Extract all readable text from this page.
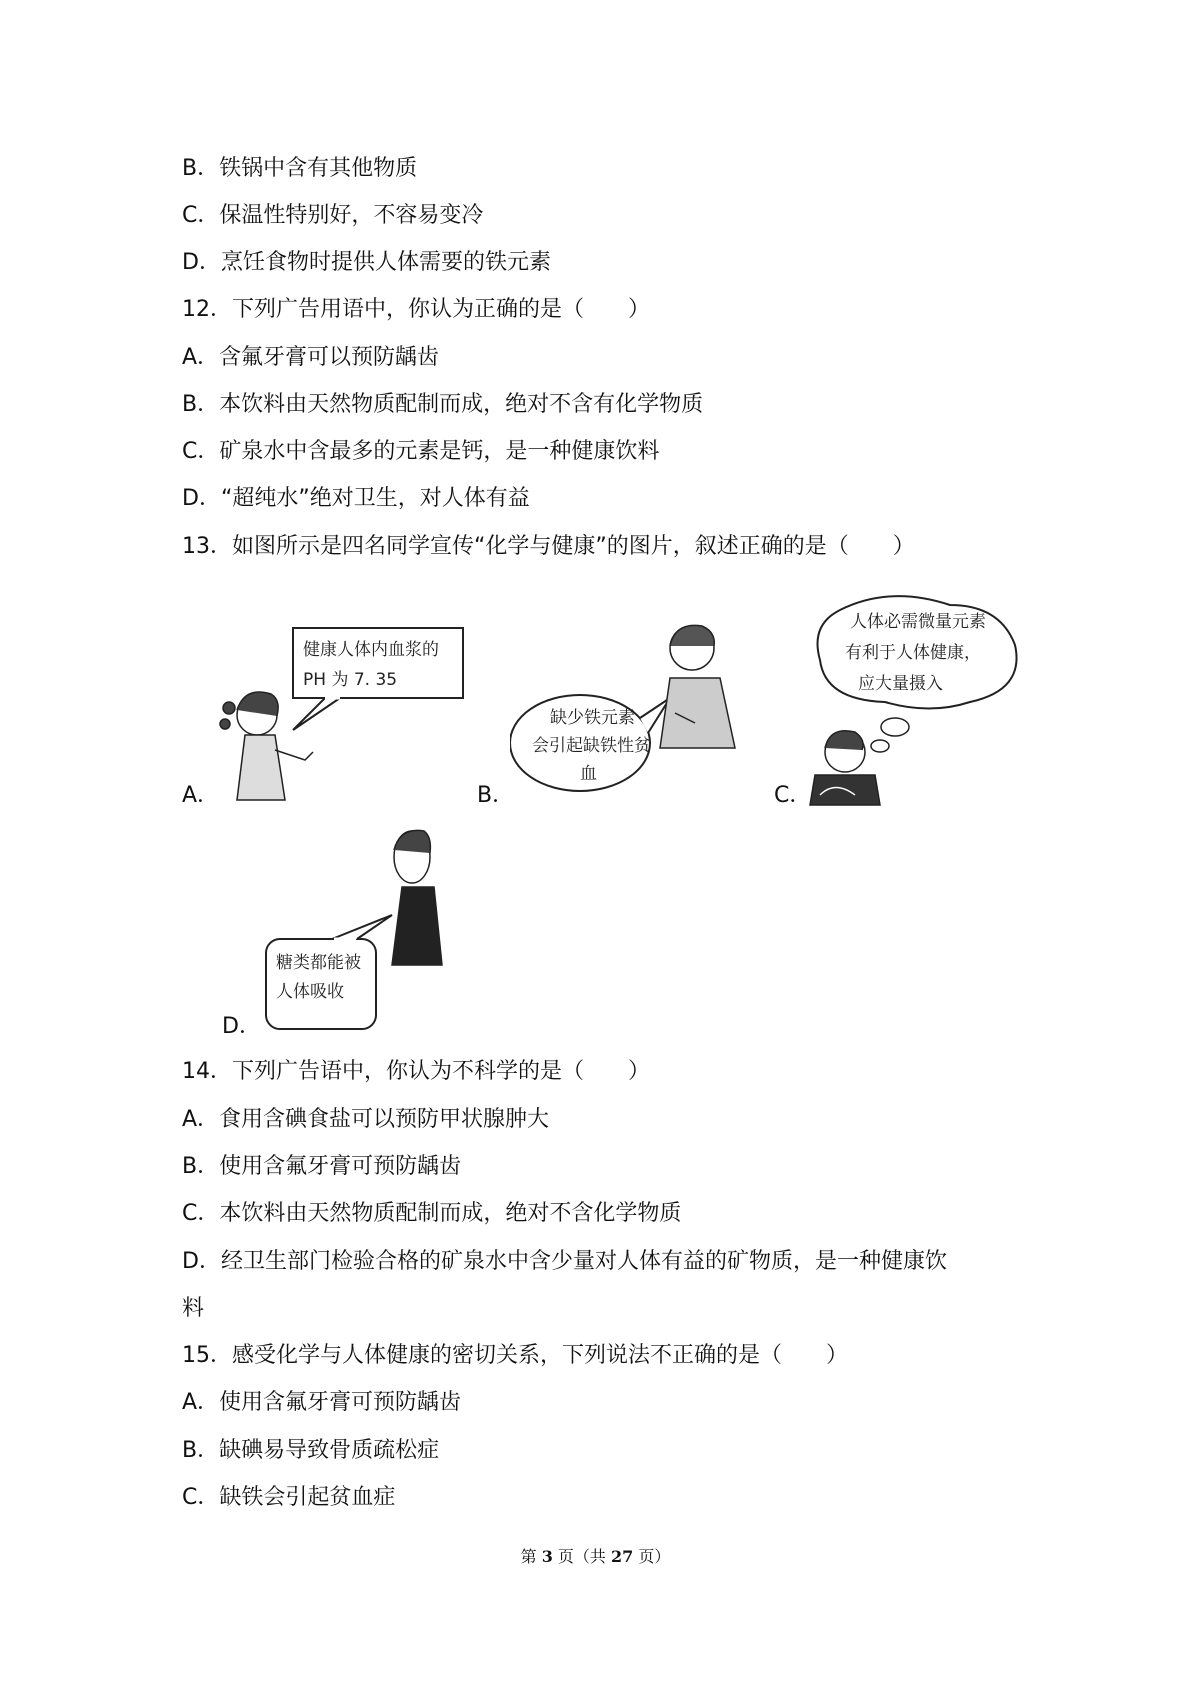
B．铁锅中含有其他物质
C．保温性特别好，不容易变冷
D．烹饪食物时提供人体需要的铁元素
12．下列广告用语中，你认为正确的是（　　）
A．含氟牙膏可以预防龋齿
B．本饮料由天然物质配制而成，绝对不含有化学物质
C．矿泉水中含最多的元素是钙，是一种健康饮料
D．“超纯水”绝对卫生，对人体有益
13．如图所示是四名同学宣传“化学与健康”的图片，叙述正确的是（　　）
A．
健康人体内血浆的
PH 为 7. 35
B．
缺少铁元素
会引起缺铁性贫
血
C．
人体必需微量元素
有利于人体健康，
应大量摄入
D．
糖类都能被
人体吸收
14．下列广告语中，你认为不科学的是（　　）
A．食用含碘食盐可以预防甲状腺肿大
B．使用含氟牙膏可预防龋齿
C．本饮料由天然物质配制而成，绝对不含化学物质
D．经卫生部门检验合格的矿泉水中含少量对人体有益的矿物质，是一种健康饮
料
15．感受化学与人体健康的密切关系，下列说法不正确的是（　　）
A．使用含氟牙膏可预防龋齿
B．缺碘易导致骨质疏松症
C．缺铁会引起贫血症
第 3 页（共 27 页）
